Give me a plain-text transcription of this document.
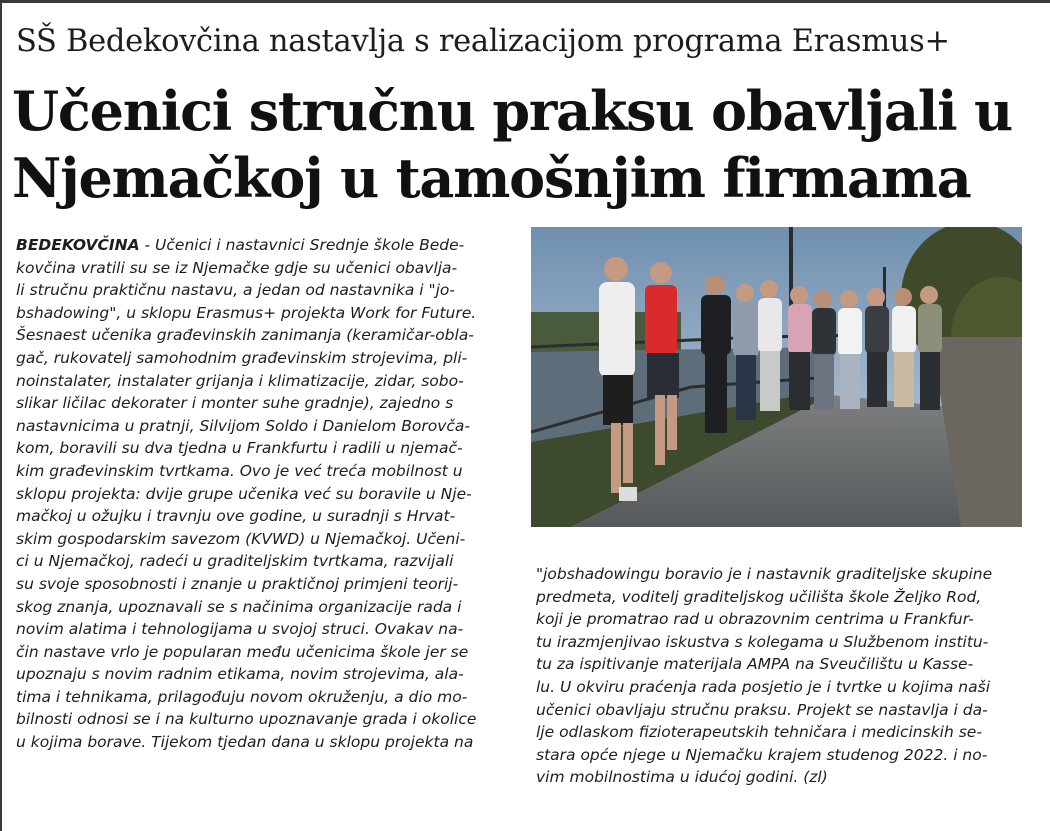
SŠ Bedekovčina nastavlja s realizacijom programa Erasmus+
Učenici stručnu praksu obavljali u
Njemačkoj u tamošnjim firmama
BEDEKOVČINA - Učenici i nastavnici Srednje škole Bede-
kovčina vratili su se iz Njemačke gdje su učenici obavlja-
li stručnu praktičnu nastavu, a jedan od nastavnika i "jo-
bshadowing", u sklopu Erasmus+ projekta Work for Future.
Šesnaest učenika građevinskih zanimanja (keramičar-obla-
gač, rukovatelj samohodnim građevinskim strojevima, pli-
noinstalater, instalater grijanja i klimatizacije, zidar, sobo-
slikar ličilac dekorater i monter suhe gradnje), zajedno s
nastavnicima u pratnji, Silvijom Soldo i Danielom Borovča-
kom, boravili su dva tjedna u Frankfurtu i radili u njemač-
kim građevinskim tvrtkama. Ovo je već treća mobilnost u
sklopu projekta: dvije grupe učenika već su boravile u Nje-
mačkoj u ožujku i travnju ove godine, u suradnji s Hrvat-
skim gospodarskim savezom (KVWD) u Njemačkoj. Učeni-
ci u Njemačkoj, radeći u graditeljskim tvrtkama, razvijali
su svoje sposobnosti i znanje u praktičnoj primjeni teorij-
skog znanja, upoznavali se s načinima organizacije rada i
novim alatima i tehnologijama u svojoj struci. Ovakav na-
čin nastave vrlo je popularan među učenicima škole jer se
upoznaju s novim radnim etikama, novim strojevima, ala-
tima i tehnikama, prilagođuju novom okruženju, a dio mo-
bilnosti odnosi se i na kulturno upoznavanje grada i okolice
u kojima borave. Tijekom tjedan dana u sklopu projekta na
"jobshadowingu boravio je i nastavnik graditeljske skupine
predmeta, voditelj graditeljskog učilišta škole Željko Rod,
koji je promatrao rad u obrazovnim centrima u Frankfur-
tu irazmjenjivao iskustva s kolegama u Službenom institu-
tu za ispitivanje materijala AMPA na Sveučilištu u Kasse-
lu. U okviru praćenja rada posjetio je i tvrtke u kojima naši
učenici obavljaju stručnu praksu. Projekt se nastavlja i da-
lje odlaskom fizioterapeutskih tehničara i medicinskih se-
stara opće njege u Njemačku krajem studenog 2022. i no-
vim mobilnostima u idućoj godini. (zl)
